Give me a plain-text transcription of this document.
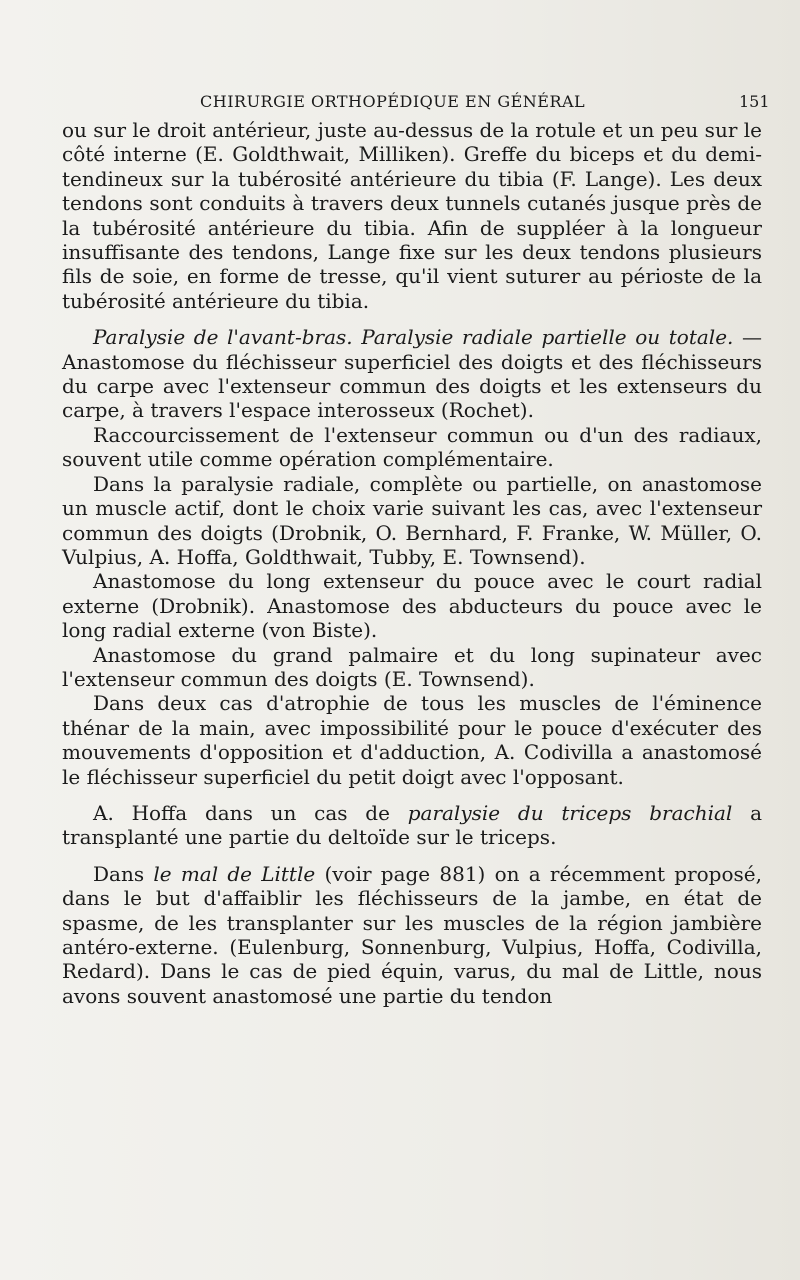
CHIRURGIE ORTHOPÉDIQUE EN GÉNÉRAL	151

ou sur le droit antérieur, juste au-dessus de la rotule et un peu sur le côté interne (E. Goldthwait, Milliken). Greffe du biceps et du demi-tendineux sur la tubérosité antérieure du tibia (F. Lange). Les deux tendons sont conduits à travers deux tunnels cutanés jusque près de la tubérosité antérieure du tibia. Afin de suppléer à la longueur insuffisante des tendons, Lange fixe sur les deux tendons plusieurs fils de soie, en forme de tresse, qu'il vient suturer au périoste de la tubérosité antérieure du tibia.

Paralysie de l'avant-bras. Paralysie radiale partielle ou totale. — Anastomose du fléchisseur superficiel des doigts et des fléchisseurs du carpe avec l'extenseur commun des doigts et les extenseurs du carpe, à travers l'espace interosseux (Rochet).

Raccourcissement de l'extenseur commun ou d'un des radiaux, souvent utile comme opération complémentaire.

Dans la paralysie radiale, complète ou partielle, on anastomose un muscle actif, dont le choix varie suivant les cas, avec l'extenseur commun des doigts (Drobnik, O. Bernhard, F. Franke, W. Müller, O. Vulpius, A. Hoffa, Goldthwait, Tubby, E. Townsend).

Anastomose du long extenseur du pouce avec le court radial externe (Drobnik). Anastomose des abducteurs du pouce avec le long radial externe (von Biste).

Anastomose du grand palmaire et du long supinateur avec l'extenseur commun des doigts (E. Townsend).

Dans deux cas d'atrophie de tous les muscles de l'éminence thénar de la main, avec impossibilité pour le pouce d'exécuter des mouvements d'opposition et d'adduction, A. Codivilla a anastomosé le fléchisseur superficiel du petit doigt avec l'opposant.

A. Hoffa dans un cas de paralysie du triceps brachial a transplanté une partie du deltoïde sur le triceps.

Dans le mal de Little (voir page 881) on a récemment proposé, dans le but d'affaiblir les fléchisseurs de la jambe, en état de spasme, de les transplanter sur les muscles de la région jambière antéro-externe. (Eulenburg, Sonnenburg, Vulpius, Hoffa, Codivilla, Redard). Dans le cas de pied équin, varus, du mal de Little, nous avons souvent anastomosé une partie du tendon
